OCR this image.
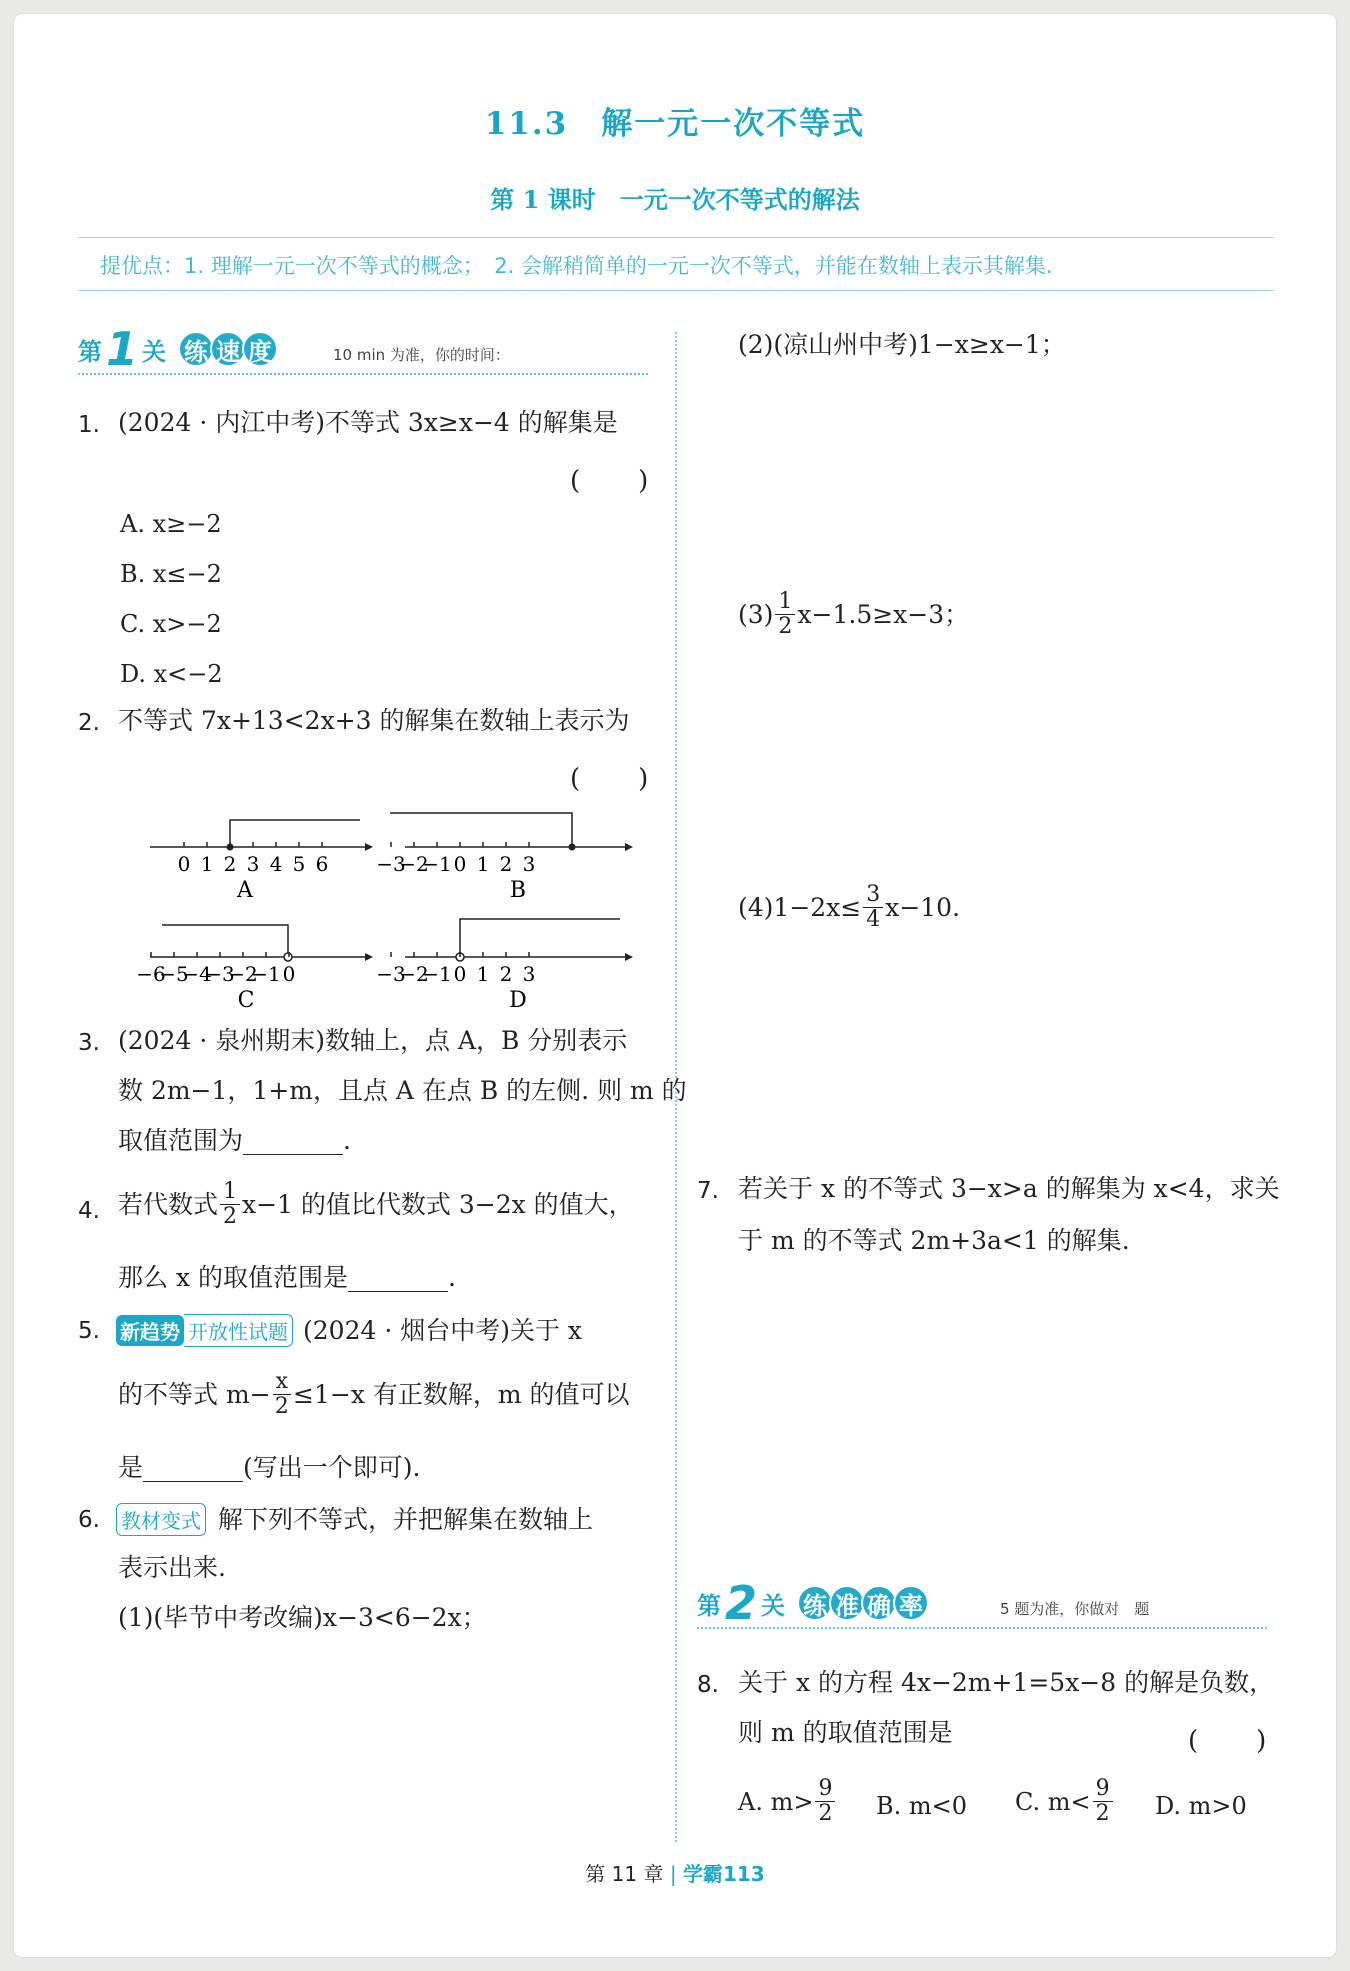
11.3　解一元一次不等式
第 1 课时　一元一次不等式的解法
提优点：1. 理解一元一次不等式的概念；　2. 会解稍简单的一元一次不等式，并能在数轴上表示其解集.
第 1 关 练 速 度	10 min 为准，你的时间：
1. (2024 · 内江中考)不等式 3x≥x−4 的解集是
(　　)
A. x≥−2
B. x≤−2
C. x>−2
D. x<−2
2. 不等式 7x+13<2x+3 的解集在数轴上表示为
(　　)
A	B
C	D
0 1 2 3 4 5 6 −3
−2
−1 0 1 2 3
−6
−5
−4
−3
−2
−1 0	−3
−2
−1 0 1 2 3
3. (2024 · 泉州期末)数轴上，点 A，B 分别表示
数 2m−1，1+m，且点 A 在点 B 的左侧. 则 m 的
取值范围为________.
4. 若代数式 $\frac{1}{2} x-1$ 的值比代数式 3−2x 的值大，
那么 x 的取值范围是________.
5. 新趋势 开放性试题 (2024 · 烟台中考)关于 x
的不等式 $m- \frac{x}{2} \le 1-x$ 有正数解，m 的值可以
是________(写出一个即可).
6. 教材变式 解下列不等式，并把解集在数轴上
表示出来.
(1)(毕节中考改编)x−3<6−2x；
(2)(凉山州中考)1−x≥x−1；
$(3) \frac{1}{2} x-1.5\ge x-3$；
$(4)1-2x\le \frac{3}{4} x-10$.
7. 若关于 x 的不等式 3−x>a 的解集为 x<4，求关
于 m 的不等式 2m+3a<1 的解集.
第 2 关 练 准 确 率	5 题为准，你做对　题
8. 关于 x 的方程 4x−2m+1=5x−8 的解是负数，
则 m 的取值范围是	(　　)
A. $m> \frac{9}{2} B$. m<0 C. $m< \frac{9}{2} D$. m>0
第 11 章 | 学霸113
